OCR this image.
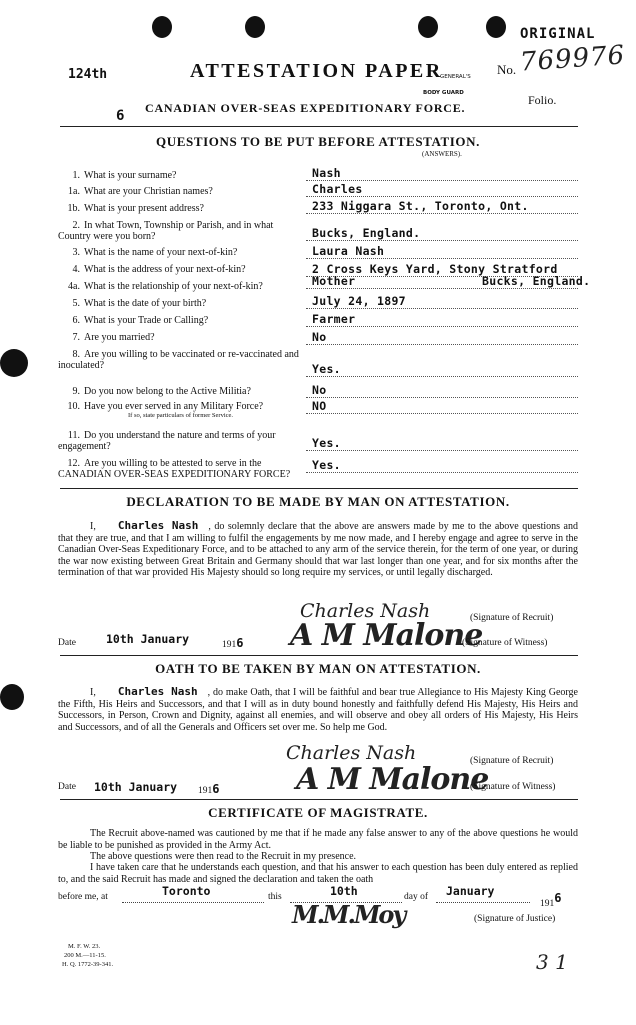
ORIGINAL
124th	ATTESTATION PAPER
GENERAL'S
BODY GUARD
No. 769976
Folio.
6 CANADIAN OVER-SEAS EXPEDITIONARY FORCE.
QUESTIONS TO BE PUT BEFORE ATTESTATION.
(ANSWERS).
1. What is your surname?	Nash
1a. What are your Christian names?	Charles
1b. What is your present address?	233 Niggara St., Toronto, Ont.
2. In what Town, Township or Parish, and in what Country were you born?	Bucks, England.
3. What is the name of your next-of-kin?	Laura Nash
4. What is the address of your next-of-kin?	2 Cross Keys Yard, Stony Stratford
Bucks, England.
4a. What is the relationship of your next-of-kin?	Mother
5. What is the date of your birth?	July 24, 1897
6. What is your Trade or Calling?	Farmer
7. Are you married?	No
8. Are you willing to be vaccinated or re-vaccinated and inoculated?	Yes.
9. Do you now belong to the Active Militia?	No
10. Have you ever served in any Military Force?
If so, state particulars of former Service.
NO
11. Do you understand the nature and terms of your engagement?	Yes.
12. Are you willing to be attested to serve in the CANADIAN OVER-SEAS EXPEDITIONARY FORCE?
Yes.
DECLARATION TO BE MADE BY MAN ON ATTESTATION.
I, Charles Nash , do solemnly declare that the above are answers made by me to the above questions and that they are true, and that I am willing to fulfil the engagements by me now made, and I hereby engage and agree to serve in the Canadian Over-Seas Expeditionary Force, and to be attached to any arm of the service therein, for the term of one year, or during the war now existing between Great Britain and Germany should that war last longer than one year, and for six months after the termination of that war provided His Majesty should so long require my services, or until legally discharged.
Charles Nash	(Signature of Recruit)
Date	10th January	1916 A M Malone
(Signature of Witness)
OATH TO BE TAKEN BY MAN ON ATTESTATION.
I, Charles Nash , do make Oath, that I will be faithful and bear true Allegiance to His Majesty King George the Fifth, His Heirs and Successors, and that I will as in duty bound honestly and faithfully defend His Majesty, His Heirs and Successors, in Person, Crown and Dignity, against all enemies, and will observe and obey all orders of His Majesty, His Heirs and Successors, and of all the Generals and Officers set over me. So help me God.
Charles Nash	(Signature of Recruit)
Date 10th January 1916	A M Malone
(Signature of Witness)
CERTIFICATE OF MAGISTRATE.
The Recruit above-named was cautioned by me that if he made any false answer to any of the above questions he would be liable to be punished as provided in the Army Act.
The above questions were then read to the Recruit in my presence.
I have taken care that he understands each question, and that his answer to each question has been duly entered as replied to, and the said Recruit has made and signed the declaration and taken the oath
before me, at	Toronto	this	10th	day of January
1916
M.M.Moy	(Signature of Justice)
M. F. W. 23.
200 M.—11-15.
H. Q. 1772-39-341.	3 1
